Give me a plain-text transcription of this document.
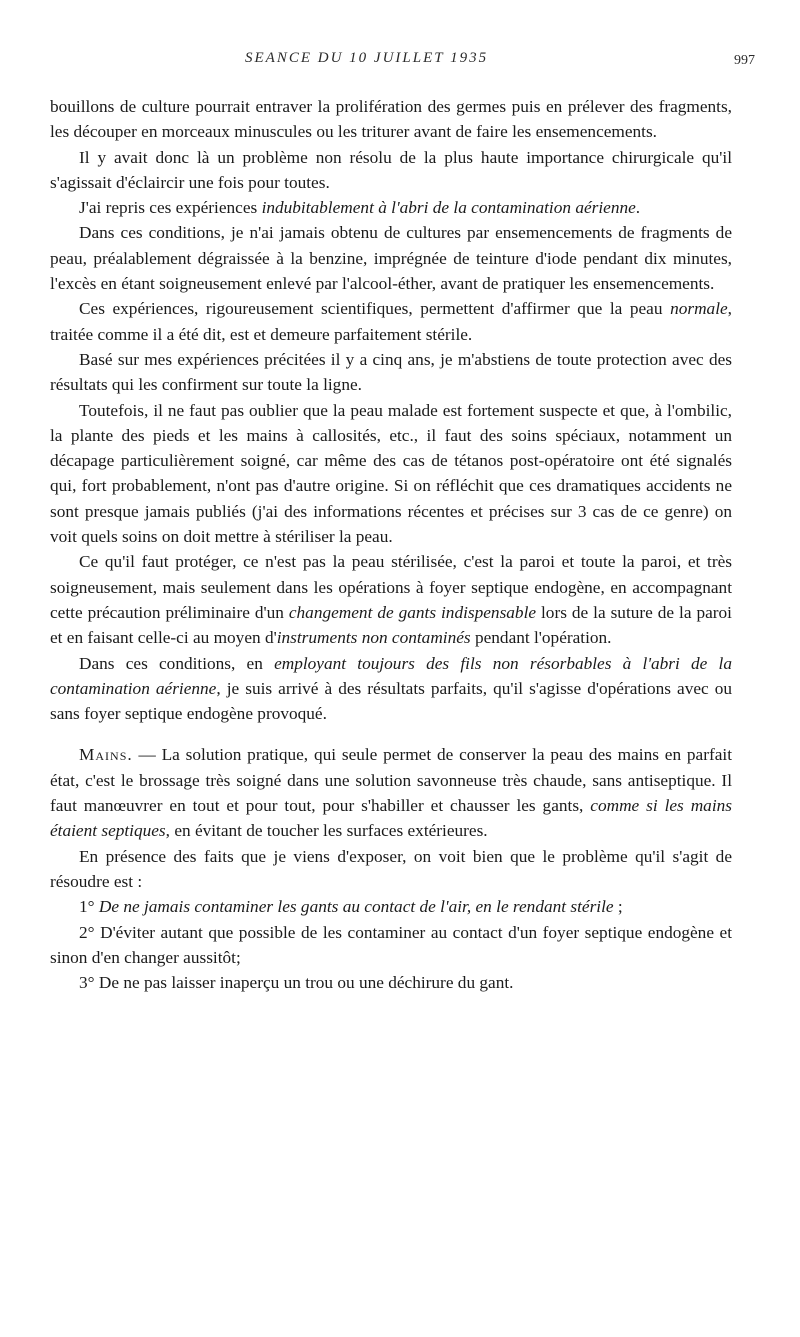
SEANCE DU 10 JUILLET 1935	997

bouillons de culture pourrait entraver la prolifération des germes puis en prélever des fragments, les découper en morceaux minuscules ou les triturer avant de faire les ensemencements.

Il y avait donc là un problème non résolu de la plus haute importance chirurgicale qu'il s'agissait d'éclaircir une fois pour toutes.

J'ai repris ces expériences indubitablement à l'abri de la contamination aérienne.

Dans ces conditions, je n'ai jamais obtenu de cultures par ensemencements de fragments de peau, préalablement dégraissée à la benzine, imprégnée de teinture d'iode pendant dix minutes, l'excès en étant soigneusement enlevé par l'alcool-éther, avant de pratiquer les ensemencements.

Ces expériences, rigoureusement scientifiques, permettent d'affirmer que la peau normale, traitée comme il a été dit, est et demeure parfaitement stérile.

Basé sur mes expériences précitées il y a cinq ans, je m'abstiens de toute protection avec des résultats qui les confirment sur toute la ligne.

Toutefois, il ne faut pas oublier que la peau malade est fortement suspecte et que, à l'ombilic, la plante des pieds et les mains à callosités, etc., il faut des soins spéciaux, notamment un décapage particulièrement soigné, car même des cas de tétanos post-opératoire ont été signalés qui, fort probablement, n'ont pas d'autre origine. Si on réfléchit que ces dramatiques accidents ne sont presque jamais publiés (j'ai des informations récentes et précises sur 3 cas de ce genre) on voit quels soins on doit mettre à stériliser la peau.

Ce qu'il faut protéger, ce n'est pas la peau stérilisée, c'est la paroi et toute la paroi, et très soigneusement, mais seulement dans les opérations à foyer septique endogène, en accompagnant cette précaution préliminaire d'un changement de gants indispensable lors de la suture de la paroi et en faisant celle-ci au moyen d'instruments non contaminés pendant l'opération.

Dans ces conditions, en employant toujours des fils non résorbables à l'abri de la contamination aérienne, je suis arrivé à des résultats parfaits, qu'il s'agisse d'opérations avec ou sans foyer septique endogène provoqué.

Mains. — La solution pratique, qui seule permet de conserver la peau des mains en parfait état, c'est le brossage très soigné dans une solution savonneuse très chaude, sans antiseptique. Il faut manœuvrer en tout et pour tout, pour s'habiller et chausser les gants, comme si les mains étaient septiques, en évitant de toucher les surfaces extérieures.

En présence des faits que je viens d'exposer, on voit bien que le problème qu'il s'agit de résoudre est :

1° De ne jamais contaminer les gants au contact de l'air, en le rendant stérile ;

2° D'éviter autant que possible de les contaminer au contact d'un foyer septique endogène et sinon d'en changer aussitôt;

3° De ne pas laisser inaperçu un trou ou une déchirure du gant.
